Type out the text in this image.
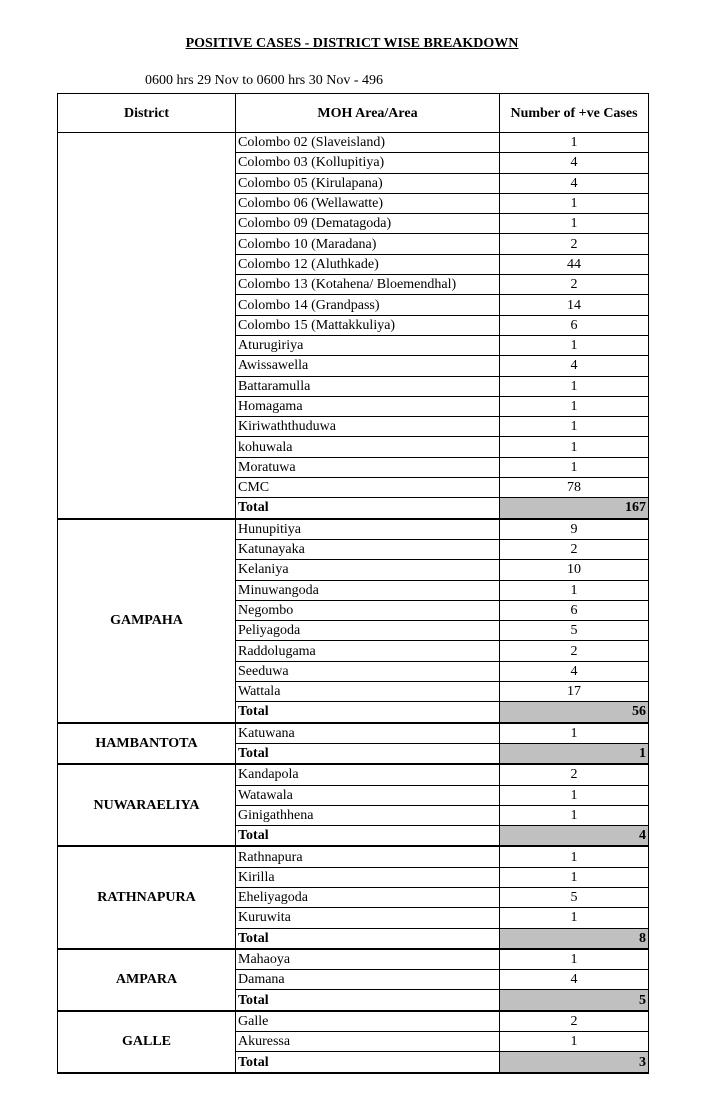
POSITIVE CASES - DISTRICT WISE BREAKDOWN
0600 hrs 29 Nov to 0600 hrs 30 Nov - 496
District	MOH Area/Area	Number of +ve Cases
	Colombo 02 (Slaveisland)	1
	Colombo 03 (Kollupitiya)	4
	Colombo 05 (Kirulapana)	4
	Colombo 06 (Wellawatte)	1
	Colombo 09 (Dematagoda)	1
	Colombo 10 (Maradana)	2
	Colombo 12 (Aluthkade)	44
	Colombo 13 (Kotahena/ Bloemendhal)	2
	Colombo 14 (Grandpass)	14
	Colombo 15 (Mattakkuliya)	6
	Aturugiriya	1
	Awissawella	4
	Battaramulla	1
	Homagama	1
	Kiriwaththuduwa	1
	kohuwala	1
	Moratuwa	1
	CMC	78
	Total	167
GAMPAHA	Hunupitiya	9
	Katunayaka	2
	Kelaniya	10
	Minuwangoda	1
	Negombo	6
	Peliyagoda	5
	Raddolugama	2
	Seeduwa	4
	Wattala	17
	Total	56
HAMBANTOTA	Katuwana	1
	Total	1
NUWARAELIYA	Kandapola	2
	Watawala	1
	Ginigathhena	1
	Total	4
RATHNAPURA	Rathnapura	1
	Kirilla	1
	Eheliyagoda	5
	Kuruwita	1
	Total	8
AMPARA	Mahaoya	1
	Damana	4
	Total	5
GALLE	Galle	2
	Akuressa	1
	Total	3
